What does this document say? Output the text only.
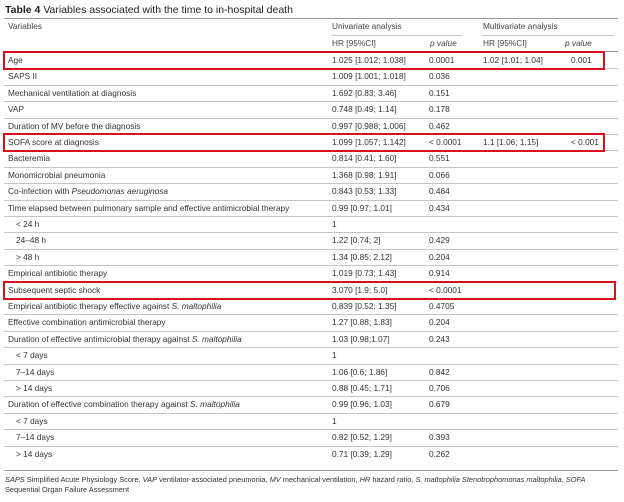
Table 4 Variables associated with the time to in-hospital death
Variables	Univariate analysis	Multivariate analysis
HR [95%CI]	p value	HR [95%CI]	p value
Age	1.025 [1.012; 1.038]	0.0001	1.02 [1.01; 1.04]	0.001
SAPS II	1.009 [1.001; 1.018]	0.036
Mechanical ventilation at diagnosis	1.692 [0.83; 3.46]	0.151
VAP	0.748 [0.49; 1.14]	0.178
Duration of MV before the diagnosis	0.997 [0.988; 1.006]	0.462
SOFA score at diagnosis	1.099 [1.057; 1.142]	< 0.0001	1.1 [1.06; 1.15]	< 0.001
Bacteremia	0.814 [0.41; 1.60]	0.551
Monomicrobial pneumonia	1.368 [0.98; 1.91]	0.066
Co-infection with Pseudomonas aeruginosa	0.843 [0.53; 1.33]	0.464
Time elapsed between pulmonary sample and effective antimicrobial therapy	0.99 [0.97; 1.01]	0.434
< 24 h	1
24–48 h	1.22 [0.74; 2]	0.429
> 48 h	1.34 [0.85; 2.12]	0.204
Empirical antibiotic therapy	1.019 [0.73; 1.43]	0.914
Subsequent septic shock	3.070 [1.9; 5.0]	< 0.0001
Empirical antibiotic therapy effective against S. maltophilia	0.839 [0.52; 1.35]	0.4705
Effective combination antimicrobial therapy	1.27 [0.88; 1.83]	0.204
Duration of effective antimicrobial therapy against S. maltophilia	1.03 [0.98;1.07]	0.243
< 7 days	1
7–14 days	1.06 [0.6; 1.86]	0.842
> 14 days	0.88 [0.45; 1.71]	0.706
Duration of effective combination therapy against S. maltophilia	0.99 [0.96; 1.03]	0.679
< 7 days	1
7–14 days	0.82 [0.52; 1.29]	0.393
> 14 days	0.71 [0.39; 1.29]	0.262
SAPS Simplified Acute Physiology Score, VAP ventilator-associated pneumonia, MV mechanical ventilation, HR hazard ratio, S. maltophilia Stenotrophomonas maltophilia, SOFA Sequential Organ Failure Assessment
